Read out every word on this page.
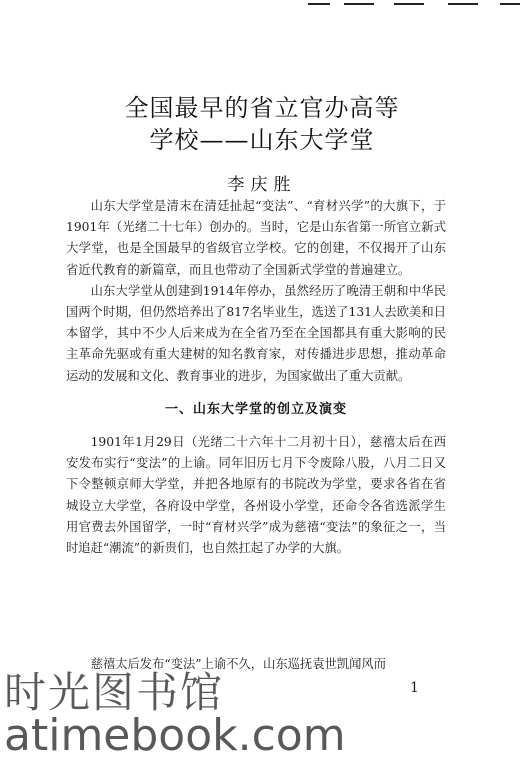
全国最早的省立官办高等
学校——山东大学堂
李庆胜

山东大学堂是清末在清廷扯起“变法”、“育材兴学”的大旗下，于1901年（光绪二十七年）创办的。当时，它是山东省第一所官立新式大学堂，也是全国最早的省级官立学校。它的创建，不仅揭开了山东省近代教育的新篇章，而且也带动了全国新式学堂的普遍建立。

山东大学堂从创建到1914年停办，虽然经历了晚清王朝和中华民国两个时期，但仍然培养出了817名毕业生，选送了131人去欧美和日本留学，其中不少人后来成为在全省乃至在全国都具有重大影响的民主革命先驱或有重大建树的知名教育家，对传播进步思想，推动革命运动的发展和文化、教育事业的进步，为国家做出了重大贡献。

一、山东大学堂的创立及演变

1901年1月29日（光绪二十六年十二月初十日），慈禧太后在西安发布实行“变法”的上谕。同年旧历七月下令废除八股，八月二日又下令整顿京师大学堂，并把各地原有的书院改为学堂，要求各省在省城设立大学堂，各府设中学堂，各州设小学堂，还命令各省选派学生用官费去外国留学，一时“育材兴学”成为慈禧“变法”的象征之一，当时追赶“潮流”的新贵们，也自然扛起了办学的大旗。

慈禧太后发布“变法”上谕不久，山东巡抚袁世凯闻风而
1
时光图书馆
atimebook.com
